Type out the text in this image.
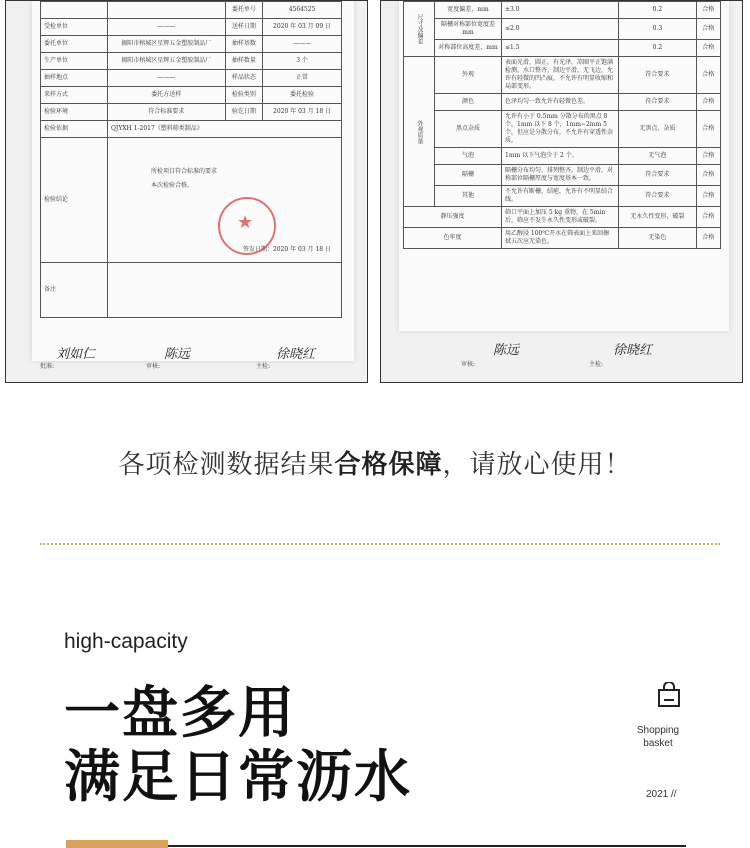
		委托单号	4564525
受检单位	———	送样日期	2020 年 03 月 09 日
委托单位	揭阳市榕城区星辉五金塑胶制品厂	抽样基数	———
生产单位	揭阳市榕城区星辉五金塑胶制品厂	抽样数量	3 个
抽样地点	———	样品状态	正常
来样方式	委托方送样	检验类别	委托检验
检验环境	符合标准要求	验讫日期	2020 年 03 月 18 日
检验依据	QJYXH 1-2017《塑料筛类制品》		
检验结论	所检项目符合标准的要求
本次检验合格。
签发日期：2020 年 03 月 18 日		

备注			
★
批准:
刘如仁
审核:
陈远
主检:
徐晓红
尺寸及偏差	宽度偏差，mm	±3.0	0.2	合格
	隔栅对称部位宽度差 mm	≤2.0	0.3	合格
	对称部位高度差，mm	≤1.5	0.2	合格
外观质量	外观	表面光滑，圆正，有光泽，凉圈平正饱满检测，水口整齐，制边平滑，无飞边，允许有轻微的凹凸痕，不允许有明显收缩和局部变形。	符合要求	合格
	颜色	色泽均匀一致允许有轻微色差。	符合要求	合格
	黑点杂质	允许有小于 0.5mm 分散分布的黑点 8 个，1mm 以下 8 个，1mm~2mm 5 个，但应是分散分布，不允许有穿透性杂质。	无黑点、杂质	合格
	气泡	1mm 以下气泡少于 2 个。	无气泡	合格
	隔栅	隔栅分布均匀，排列整齐，制边平滑，对称部位隔栅厚度与宽度基本一致。	符合要求	合格
	其他	不允许有断栅、结疤，允许有不明显结合线。	符合要求	合格
静压强度		筛口平面上加压 5 kg 重物，在 5min 后，筛应不发生永久性变形或破裂。	无永久性变形、破裂	合格
色牢度		用乙醇浸 100℃开水在筛表面上来回擦拭五次应无染色。	无染色	合格
审核:
陈远
主检:
徐晓红
各项检测数据结果合格保障，请放心使用！
high-capacity
一盘多用
满足日常沥水
Shopping
basket
2021 //
